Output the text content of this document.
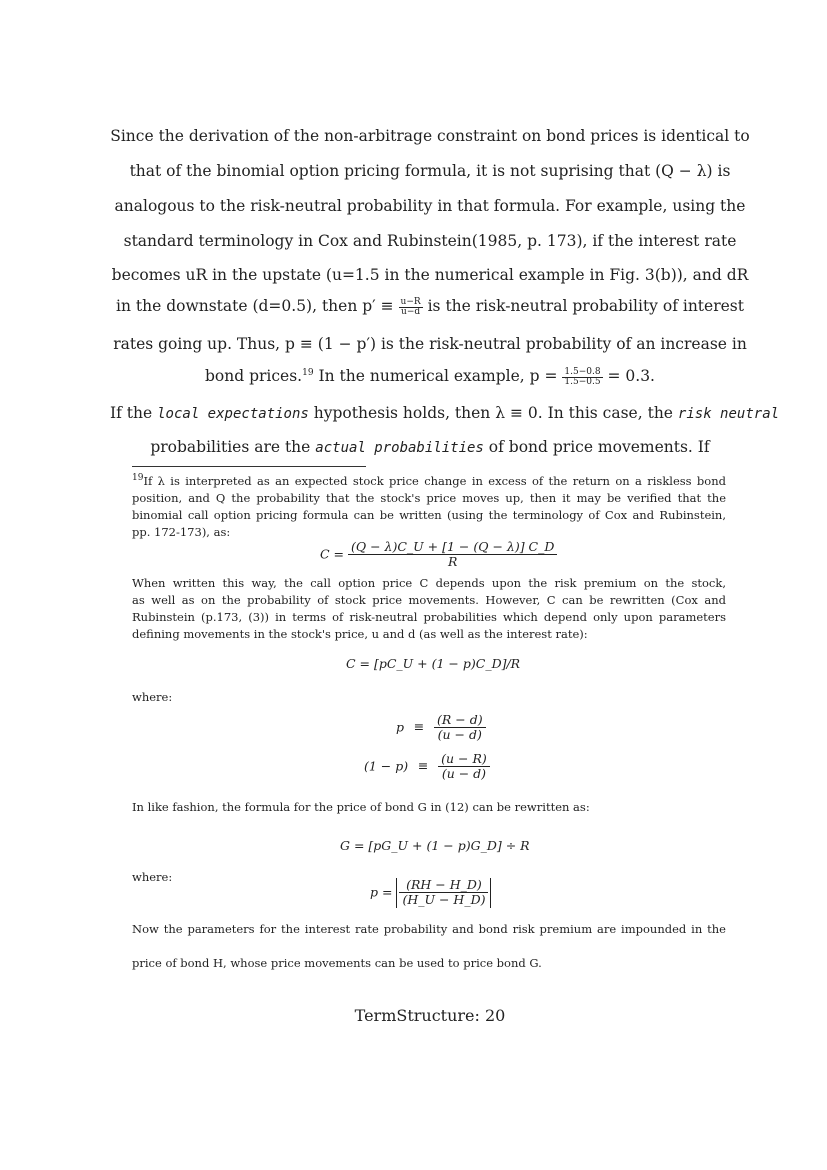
Since the derivation of the non-arbitrage constraint on bond prices is identical to
that of the binomial option pricing formula, it is not suprising that (Q − λ) is
analogous to the risk-neutral probability in that formula. For example, using the
standard terminology in Cox and Rubinstein(1985, p. 173), if the interest rate
becomes uR in the upstate (u=1.5 in the numerical example in Fig. 3(b)), and dR
in the downstate (d=0.5), then $p' \equiv \frac{u-R}{u-d}$ is the risk-neutral probability of interest
rates going up. Thus, p ≡ (1 − p′) is the risk-neutral probability of an increase in
bond prices.$^{19}$ In the numerical example, $p = \frac{1.5-0.8}{1.5-0.5} = 0.3$.
If the local expectations hypothesis holds, then λ ≡ 0. In this case, the risk neutral
probabilities are the actual probabilities of bond price movements. If
$^{19}$If λ is interpreted as an expected stock price change in excess of the return on a riskless bond
position, and Q the probability that the stock's price moves up, then it may be verified that the
binomial call option pricing formula can be written (using the terminology of Cox and Rubinstein,
pp. 172-173), as:
$C = \frac{(Q - \lambda)C\_U + [1 - (Q - \lambda)] C\_D}{R}$
When written this way, the call option price C depends upon the risk premium on the stock,
as well as on the probability of stock price movements. However, C can be rewritten (Cox and
Rubinstein (p.173, (3)) in terms of risk-neutral probabilities which depend only upon parameters
defining movements in the stock's price, u and d (as well as the interest rate):
C = [pC_U + (1 − p)C_D]/R
where:
$p \equiv \frac{(R - d)}{(u - d)}$
$(1 - p) \equiv \frac{(u - R)}{(u - d)}$
In like fashion, the formula for the price of bond G in (12) can be rewritten as:
G = [pG_U + (1 − p)G_D] ÷ R
where:
$p = \frac{(RH - H\_D)}{(H\_U - H\_D)}$
Now the parameters for the interest rate probability and bond risk premium are impounded in the
price of bond H, whose price movements can be used to price bond G.
TermStructure: 20
